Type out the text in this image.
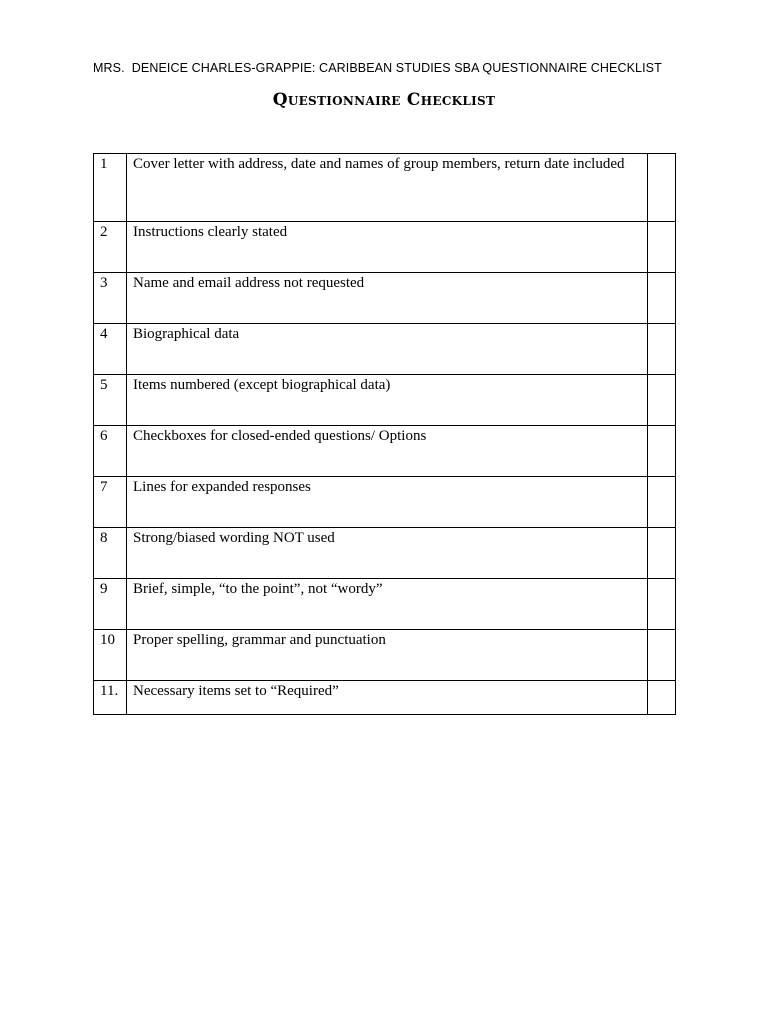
MRS.  DENEICE CHARLES-GRAPPIE: CARIBBEAN STUDIES SBA QUESTIONNAIRE CHECKLIST
Questionnaire Checklist
1	Cover letter with address, date and names of group members, return date included	
2	Instructions clearly stated	
3	Name and email address not requested	
4	Biographical data	
5	Items numbered (except biographical data)	
6	Checkboxes for closed-ended questions/ Options	
7	Lines for expanded responses	
8	Strong/biased wording NOT used	
9	Brief, simple, “to the point”, not “wordy”	
10	Proper spelling, grammar and punctuation	
11.	Necessary items set to “Required”	
